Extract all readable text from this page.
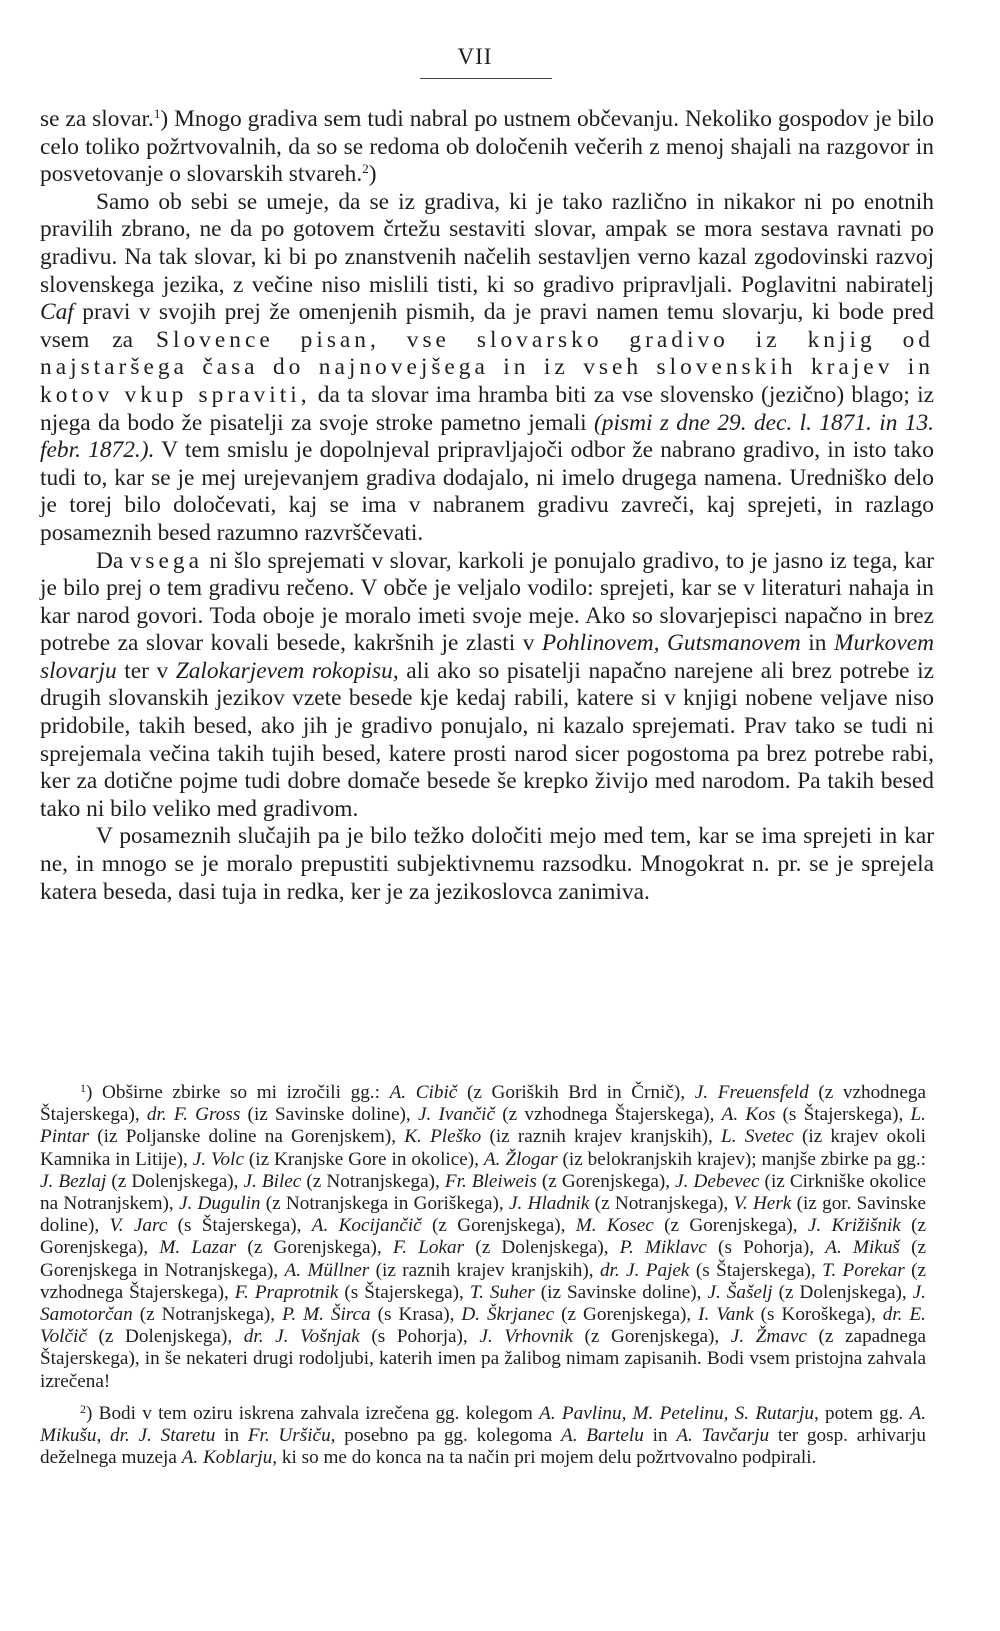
VII

se za slovar.$^1$) Mnogo gradiva sem tudi nabral po ustnem občevanju. Nekoliko gospodov je bilo celo toliko požrtvovalnih, da so se redoma ob določenih večerih z menoj shajali na razgovor in posvetovanje o slovarskih stvareh.$^2$)

Samo ob sebi se umeje, da se iz gradiva, ki je tako različno in nikakor ni po enotnih pravilih zbrano, ne da po gotovem črtežu sestaviti slovar, ampak se mora sestava ravnati po gradivu. Na tak slovar, ki bi po znanstvenih načelih sestavljen verno kazal zgodovinski razvoj slovenskega jezika, z večine niso mislili tisti, ki so gradivo pripravljali. Poglavitni nabiratelj Caf pravi v svojih prej že omenjenih pismih, da je pravi namen temu slovarju, ki bode pred vsem za Slovence pisan, vse slovarsko gradivo iz knjig od najstaršega časa do najnovejšega in iz vseh slovenskih krajev in kotov vkup spraviti, da ta slovar ima hramba biti za vse slovensko (jezično) blago; iz njega da bodo že pisatelji za svoje stroke pametno jemali (pismi z dne 29. dec. l. 1871. in 13. febr. 1872.). V tem smislu je dopolnjeval pripravljajoči odbor že nabrano gradivo, in isto tako tudi to, kar se je mej urejevanjem gradiva dodajalo, ni imelo drugega namena. Uredniško delo je torej bilo določevati, kaj se ima v nabranem gradivu zavreči, kaj sprejeti, in razlago posameznih besed razumno razvrščevati.

Da vsega ni šlo sprejemati v slovar, karkoli je ponujalo gradivo, to je jasno iz tega, kar je bilo prej o tem gradivu rečeno. V obče je veljalo vodilo: sprejeti, kar se v literaturi nahaja in kar narod govori. Toda oboje je moralo imeti svoje meje. Ako so slovarjepisci napačno in brez potrebe za slovar kovali besede, kakršnih je zlasti v Pohlinovem, Gutsmanovem in Murkovem slovarju ter v Zalokarjevem rokopisu, ali ako so pisatelji napačno narejene ali brez potrebe iz drugih slovanskih jezikov vzete besede kje kedaj rabili, katere si v knjigi nobene veljave niso pridobile, takih besed, ako jih je gradivo ponujalo, ni kazalo sprejemati. Prav tako se tudi ni sprejemala večina takih tujih besed, katere prosti narod sicer pogostoma pa brez potrebe rabi, ker za dotične pojme tudi dobre domače besede še krepko živijo med narodom. Pa takih besed tako ni bilo veliko med gradivom.

V posameznih slučajih pa je bilo težko določiti mejo med tem, kar se ima sprejeti in kar ne, in mnogo se je moralo prepustiti subjektivnemu razsodku. Mnogokrat n. pr. se je sprejela katera beseda, dasi tuja in redka, ker je za jezikoslovca zanimiva.

$^1$) Obširne zbirke so mi izročili gg.: A. Cibič (z Goriških Brd in Črnič), J. Freuensfeld (z vzhodnega Štajerskega), dr. F. Gross (iz Savinske doline), J. Ivančič (z vzhodnega Štajerskega), A. Kos (s Štajerskega), L. Pintar (iz Poljanske doline na Gorenjskem), K. Pleško (iz raznih krajev kranjskih), L. Svetec (iz krajev okoli Kamnika in Litije), J. Volc (iz Kranjske Gore in okolice), A. Žlogar (iz belokranjskih krajev); manjše zbirke pa gg.: J. Bezlaj (z Dolenjskega), J. Bilec (z Notranjskega), Fr. Bleiweis (z Gorenjskega), J. Debevec (iz Cirkniške okolice na Notranjskem), J. Dugulin (z Notranjskega in Goriškega), J. Hladnik (z Notranjskega), V. Herk (iz gor. Savinske doline), V. Jarc (s Štajerskega), A. Kocijančič (z Gorenjskega), M. Kosec (z Gorenjskega), J. Križišnik (z Gorenjskega), M. Lazar (z Gorenjskega), F. Lokar (z Dolenjskega), P. Miklavc (s Pohorja), A. Mikuš (z Gorenjskega in Notranjskega), A. Müllner (iz raznih krajev kranjskih), dr. J. Pajek (s Štajerskega), T. Porekar (z vzhodnega Štajerskega), F. Praprotnik (s Štajerskega), T. Suher (iz Savinske doline), J. Šašelj (z Dolenjskega), J. Samotorčan (z Notranjskega), P. M. Širca (s Krasa), D. Škrjanec (z Gorenjskega), I. Vank (s Koroškega), dr. E. Volčič (z Dolenjskega), dr. J. Vošnjak (s Pohorja), J. Vrhovnik (z Gorenjskega), J. Žmavc (z zapadnega Štajerskega), in še nekateri drugi rodoljubi, katerih imen pa žalibog nimam zapisanih. Bodi vsem pristojna zahvala izrečena!

$^2$) Bodi v tem oziru iskrena zahvala izrečena gg. kolegom A. Pavlinu, M. Petelinu, S. Rutarju, potem gg. A. Mikušu, dr. J. Staretu in Fr. Uršiču, posebno pa gg. kolegoma A. Bartelu in A. Tavčarju ter gosp. arhivarju deželnega muzeja A. Koblarju, ki so me do konca na ta način pri mojem delu požrtvovalno podpirali.
